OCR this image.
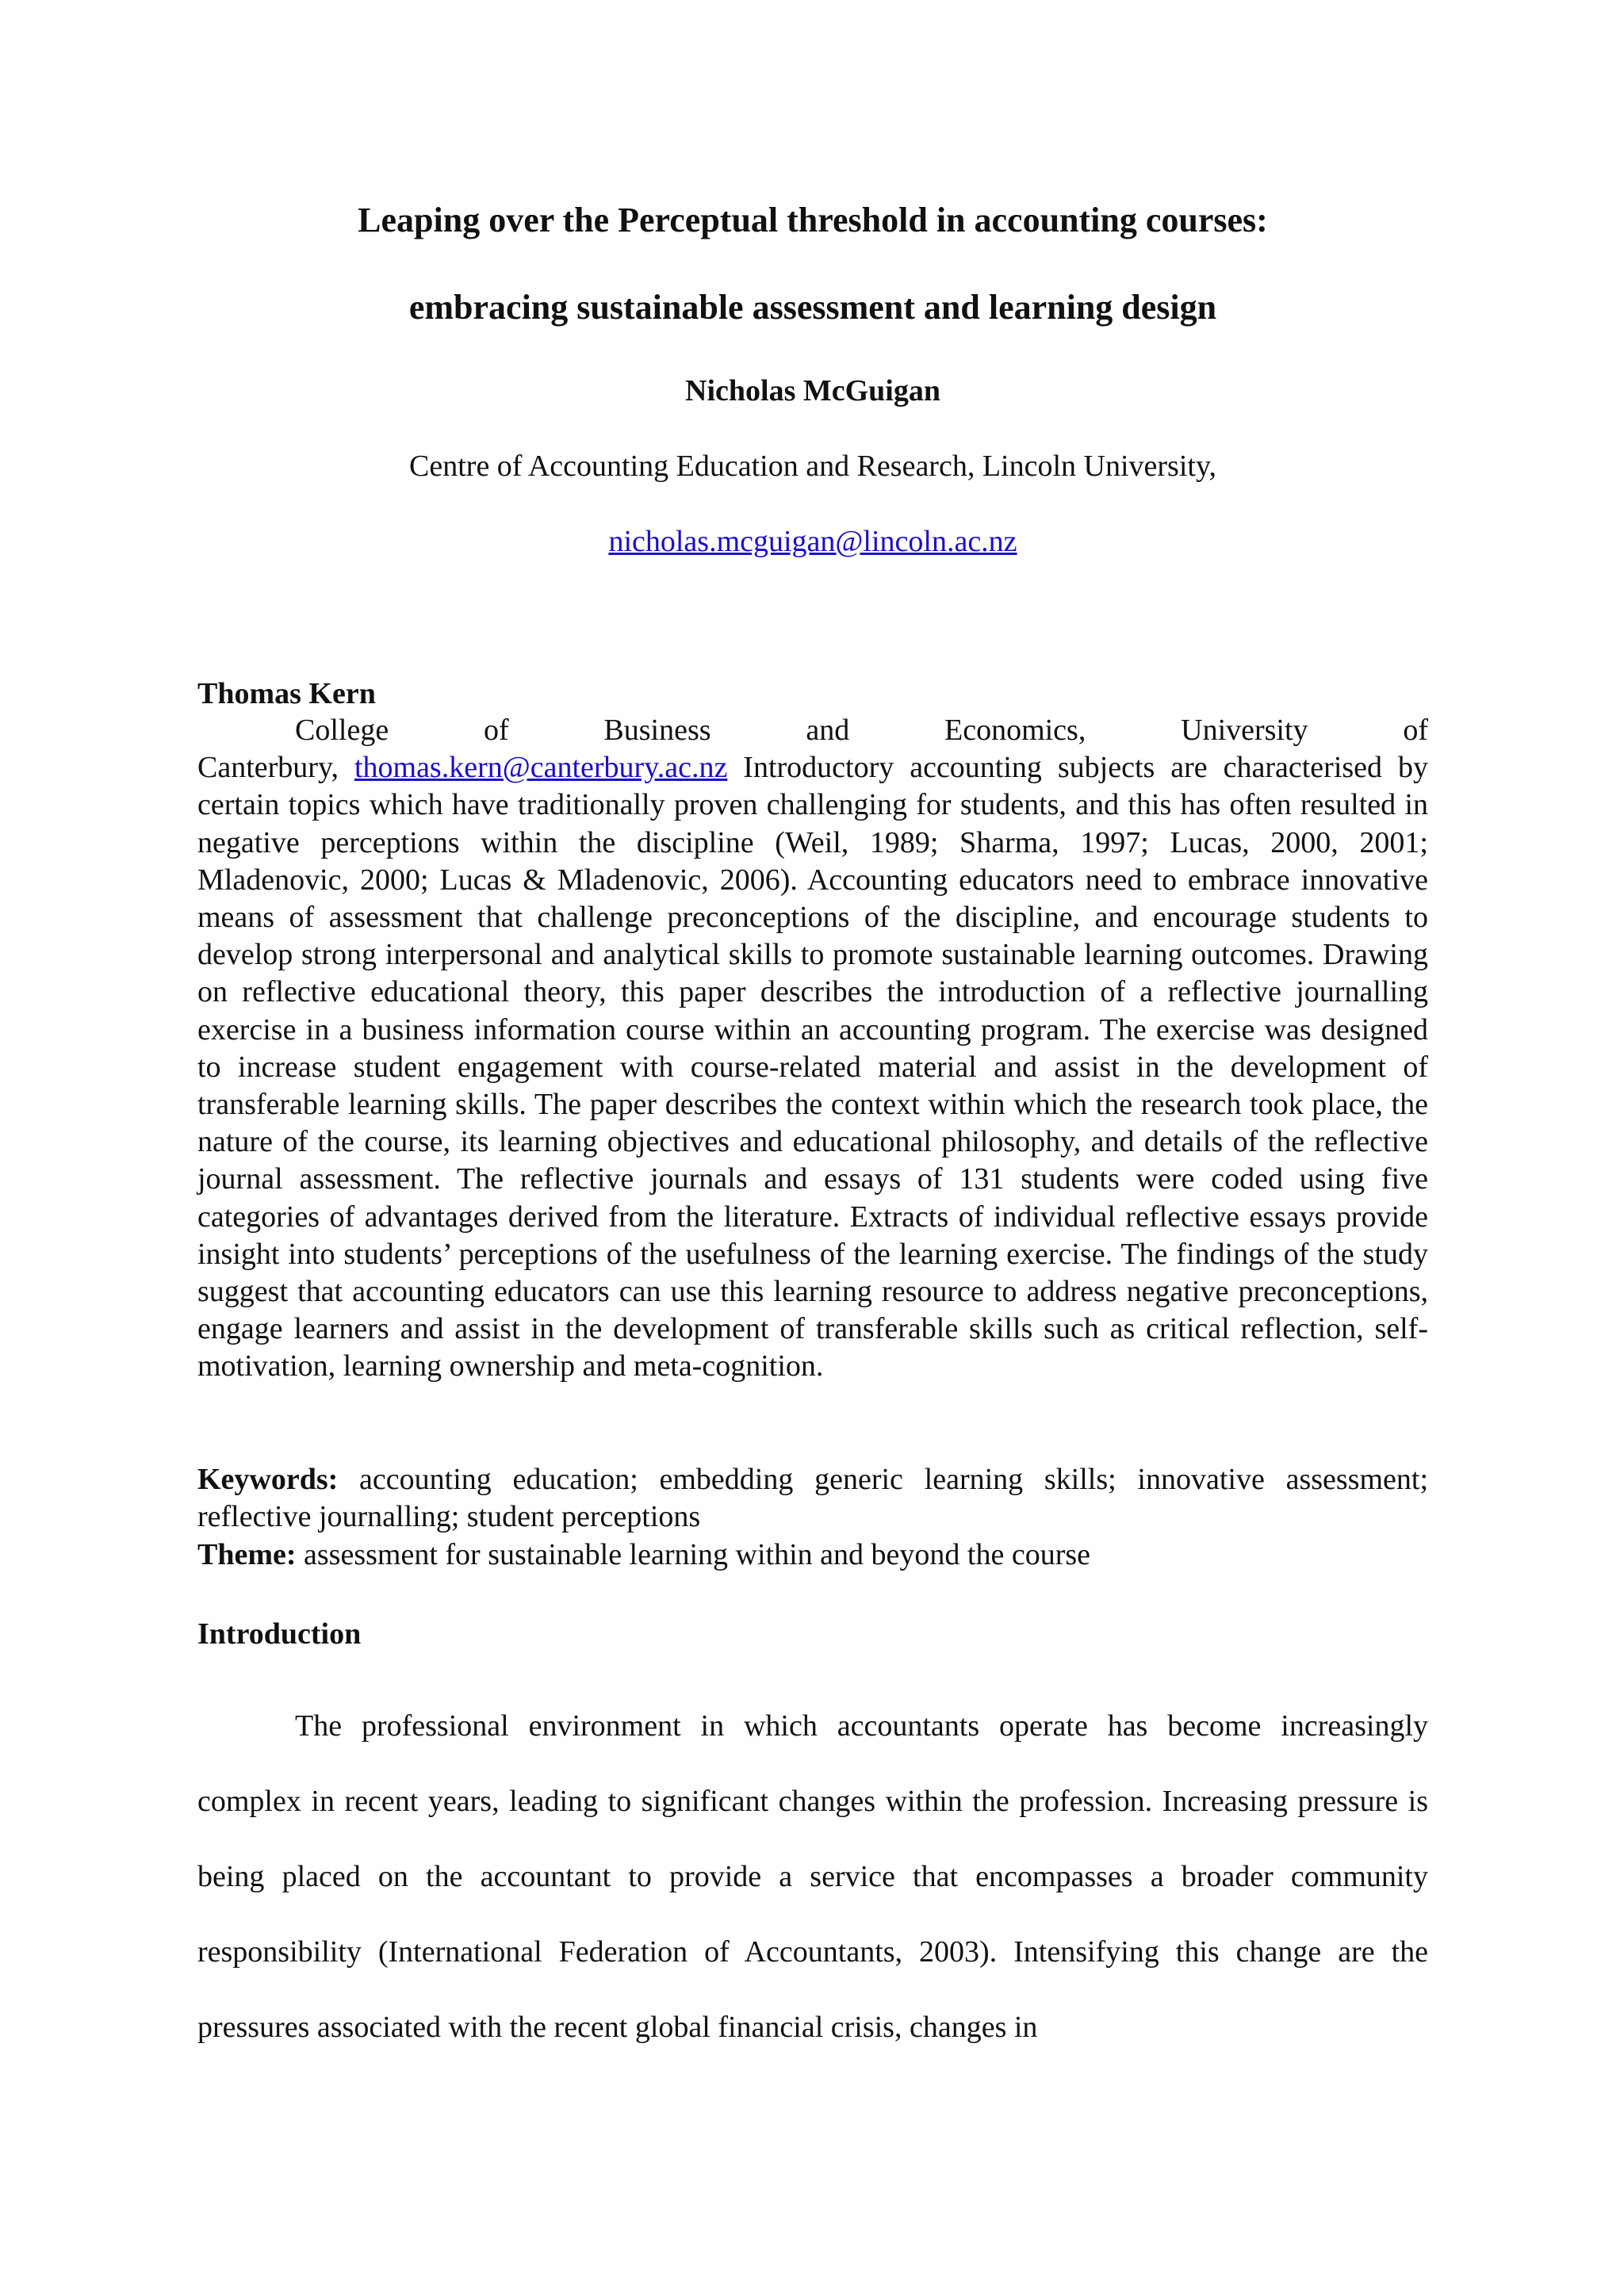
Leaping over the Perceptual threshold in accounting courses:
embracing sustainable assessment and learning design
Nicholas McGuigan
Centre of Accounting Education and Research, Lincoln University,
nicholas.mcguigan@lincoln.ac.nz
Thomas Kern

College of Business and Economics, University of Canterbury, thomas.kern@canterbury.ac.nz Introductory accounting subjects are characterised by certain topics which have traditionally proven challenging for students, and this has often resulted in negative perceptions within the discipline (Weil, 1989; Sharma, 1997; Lucas, 2000, 2001; Mladenovic, 2000; Lucas & Mladenovic, 2006). Accounting educators need to embrace innovative means of assessment that challenge preconceptions of the discipline, and encourage students to develop strong interpersonal and analytical skills to promote sustainable learning outcomes. Drawing on reflective educational theory, this paper describes the introduction of a reflective journalling exercise in a business information course within an accounting program. The exercise was designed to increase student engagement with course-related material and assist in the development of transferable learning skills. The paper describes the context within which the research took place, the nature of the course, its learning objectives and educational philosophy, and details of the reflective journal assessment. The reflective journals and essays of 131 students were coded using five categories of advantages derived from the literature. Extracts of individual reflective essays provide insight into students’ perceptions of the usefulness of the learning exercise. The findings of the study suggest that accounting educators can use this learning resource to address negative preconceptions, engage learners and assist in the development of transferable skills such as critical reflection, self-motivation, learning ownership and meta-cognition.

Keywords: accounting education; embedding generic learning skills; innovative assessment; reflective journalling; student perceptions

Theme: assessment for sustainable learning within and beyond the course

Introduction

The professional environment in which accountants operate has become increasingly complex in recent years, leading to significant changes within the profession. Increasing pressure is being placed on the accountant to provide a service that encompasses a broader community responsibility (International Federation of Accountants, 2003). Intensifying this change are the pressures associated with the recent global financial crisis, changes in
